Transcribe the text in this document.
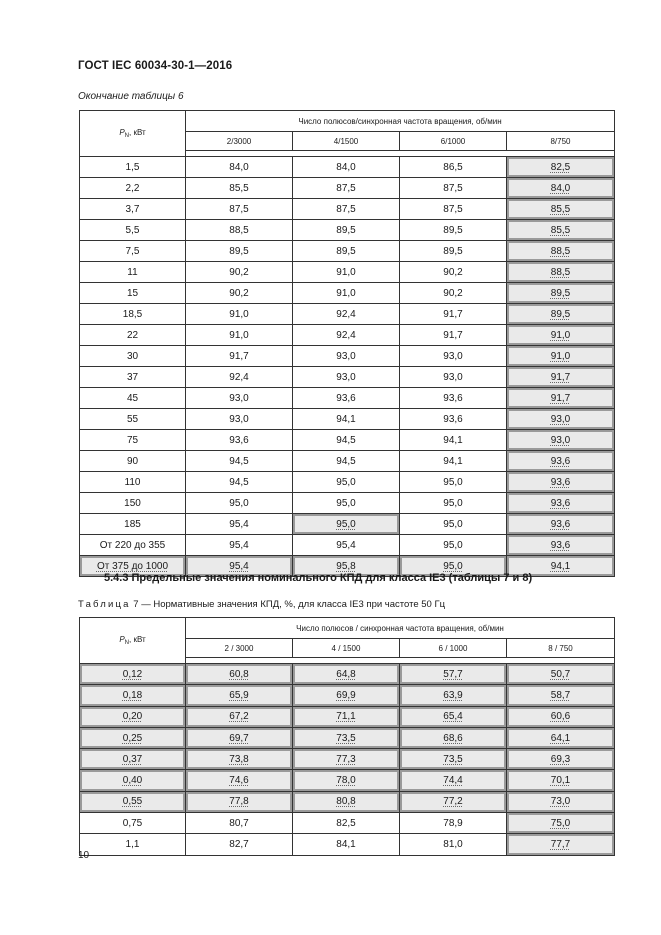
ГОСТ IEC 60034-30-1—2016
Окончание таблицы 6
$P_N$, кВт	Число полюсов/синхронная частота вращения, об/мин			
	2/3000	4/1500	6/1000	8/750

1,5	84,0	84,0	86,5	82,5
2,2	85,5	87,5	87,5	84,0
3,7	87,5	87,5	87,5	85,5
5,5	88,5	89,5	89,5	85,5
7,5	89,5	89,5	89,5	88,5
11	90,2	91,0	90,2	88,5
15	90,2	91,0	90,2	89,5
18,5	91,0	92,4	91,7	89,5
22	91,0	92,4	91,7	91,0
30	91,7	93,0	93,0	91,0
37	92,4	93,0	93,0	91,7
45	93,0	93,6	93,6	91,7
55	93,0	94,1	93,6	93,0
75	93,6	94,5	94,1	93,0
90	94,5	94,5	94,1	93,6
110	94,5	95,0	95,0	93,6
150	95,0	95,0	95,0	93,6
185	95,4	95,0	95,0	93,6
От 220 до 355	95,4	95,4	95,0	93,6
От 375 до 1000	95,4	95,8	95,0	94,1
5.4.3 Предельные значения номинального КПД для класса IE3 (таблицы 7 и 8)
Таблица 7 — Нормативные значения КПД, %, для класса IE3 при частоте 50 Гц
$P_N$, кВт	Число полюсов / синхронная частота вращения, об/мин			
	2 / 3000	4 / 1500	6 / 1000	8 / 750

0,12	60,8	64,8	57,7	50,7
0,18	65,9	69,9	63,9	58,7
0,20	67,2	71,1	65,4	60,6
0,25	69,7	73,5	68,6	64,1
0,37	73,8	77,3	73,5	69,3
0,40	74,6	78,0	74,4	70,1
0,55	77,8	80,8	77,2	73,0
0,75	80,7	82,5	78,9	75,0
1,1	82,7	84,1	81,0	77,7
10
